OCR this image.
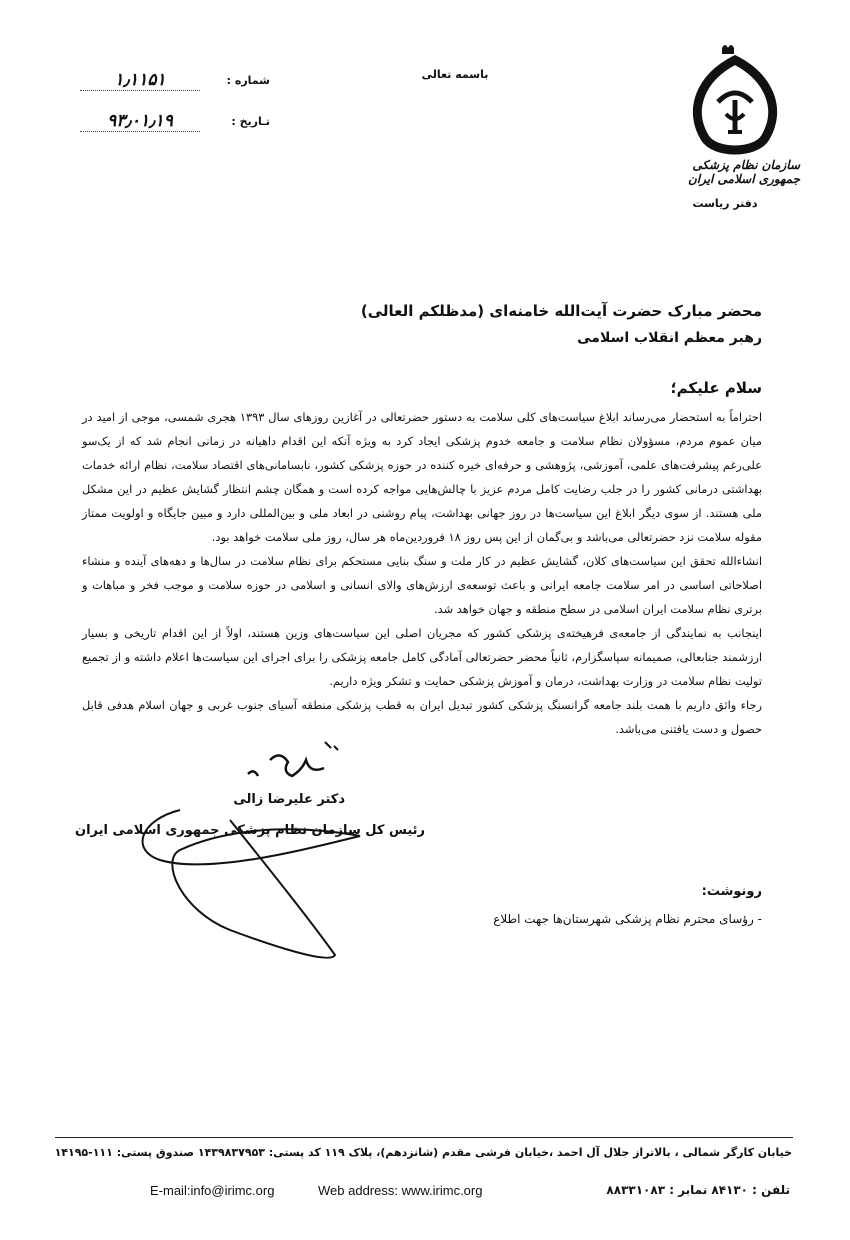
باسمه تعالی
شماره :
۱٫۱۱۵۱
تـاریخ :
۹۳٫۰۱٫۱۹
سازمان نظام پزشکی جمهوری اسلامی ایران
دفتر ریاست
محضر مبارک حضرت آیت‌الله خامنه‌ای (مدظلکم العالی)
رهبر معظم انقلاب اسلامی
سلام علیکم؛

احتراماً به استحضار می‌رساند ابلاغ سیاست‌های کلی سلامت به دستور حضرتعالی در آغازین روزهای سال ۱۳۹۳ هجری شمسی، موجی از امید در میان عموم مردم، مسؤولان نظام سلامت و جامعه خدوم پزشکی ایجاد کرد به ویژه آنکه این اقدام داهیانه در زمانی انجام شد که از یک‌سو علی‌رغم پیشرفت‌های علمی، آموزشی، پژوهشی و حرفه‌ای خیره کننده در حوزه پزشکی کشور، نابسامانی‌های اقتصاد سلامت، نظام ارائه خدمات بهداشتی درمانی کشور را در جلب رضایت کامل مردم عزیز با چالش‌هایی مواجه کرده است و همگان چشم انتظار گشایش عظیم در این مشکل ملی هستند. از سوی دیگر ابلاغ این سیاست‌ها در روز جهانی بهداشت، پیام روشنی در ابعاد ملی و بین‌المللی دارد و مبین جایگاه و اولویت ممتاز مقوله سلامت نزد حضرتعالی می‌باشد و بی‌گمان از این پس روز ۱۸ فروردین‌ماه هر سال، روز ملی سلامت خواهد بود.

انشاءالله تحقق این سیاست‌های کلان، گشایش عظیم در کار ملت و سنگ بنایی مستحکم برای نظام سلامت در سال‌ها و دهه‌های آینده و منشاء اصلاحاتی اساسی در امر سلامت جامعه ایرانی و باعث توسعه‌ی ارزش‌های والای انسانی و اسلامی در حوزه سلامت و موجب فخر و مباهات و برتری نظام سلامت ایران اسلامی در سطح منطقه و جهان خواهد شد.

اینجانب به نمایندگی از جامعه‌ی فرهیخته‌ی پزشکی کشور که مجریان اصلی این سیاست‌های وزین هستند، اولاً از این اقدام تاریخی و بسیار ارزشمند جنابعالی، صمیمانه سپاسگزارم، ثانیاً محضر حضرتعالی آمادگی کامل جامعه پزشکی را برای اجرای این سیاست‌ها اعلام داشته و از تجمیع تولیت نظام سلامت در وزارت بهداشت، درمان و آموزش پزشکی حمایت و تشکر ویژه داریم.

رجاء واثق داریم با همت بلند جامعه گرانسنگ پزشکی کشور تبدیل ایران به قطب پزشکی منطقه آسیای جنوب غربی و جهان اسلام هدفی قابل حصول و دست یافتنی می‌باشد.

دکتر علیرضا زالی
رئیس کل سازمان نظام پزشکی جمهوری اسلامی ایران
رونوشت:
- رؤسای محترم نظام پزشکی شهرستان‌ها جهت اطلاع
خیابان کارگر شمالی ، بالاتراز جلال آل احمد ،خیابان فرشی مقدم (شانزدهم)، پلاک ۱۱۹ کد پستی: ۱۴۳۹۸۳۷۹۵۳ صندوق پستی: ۱۱۱-۱۴۱۹۵
E-mail:info@irimc.org	Web address: www.irimc.org	تلفن : ۸۴۱۳۰ نمابر : ۸۸۳۳۱۰۸۳
